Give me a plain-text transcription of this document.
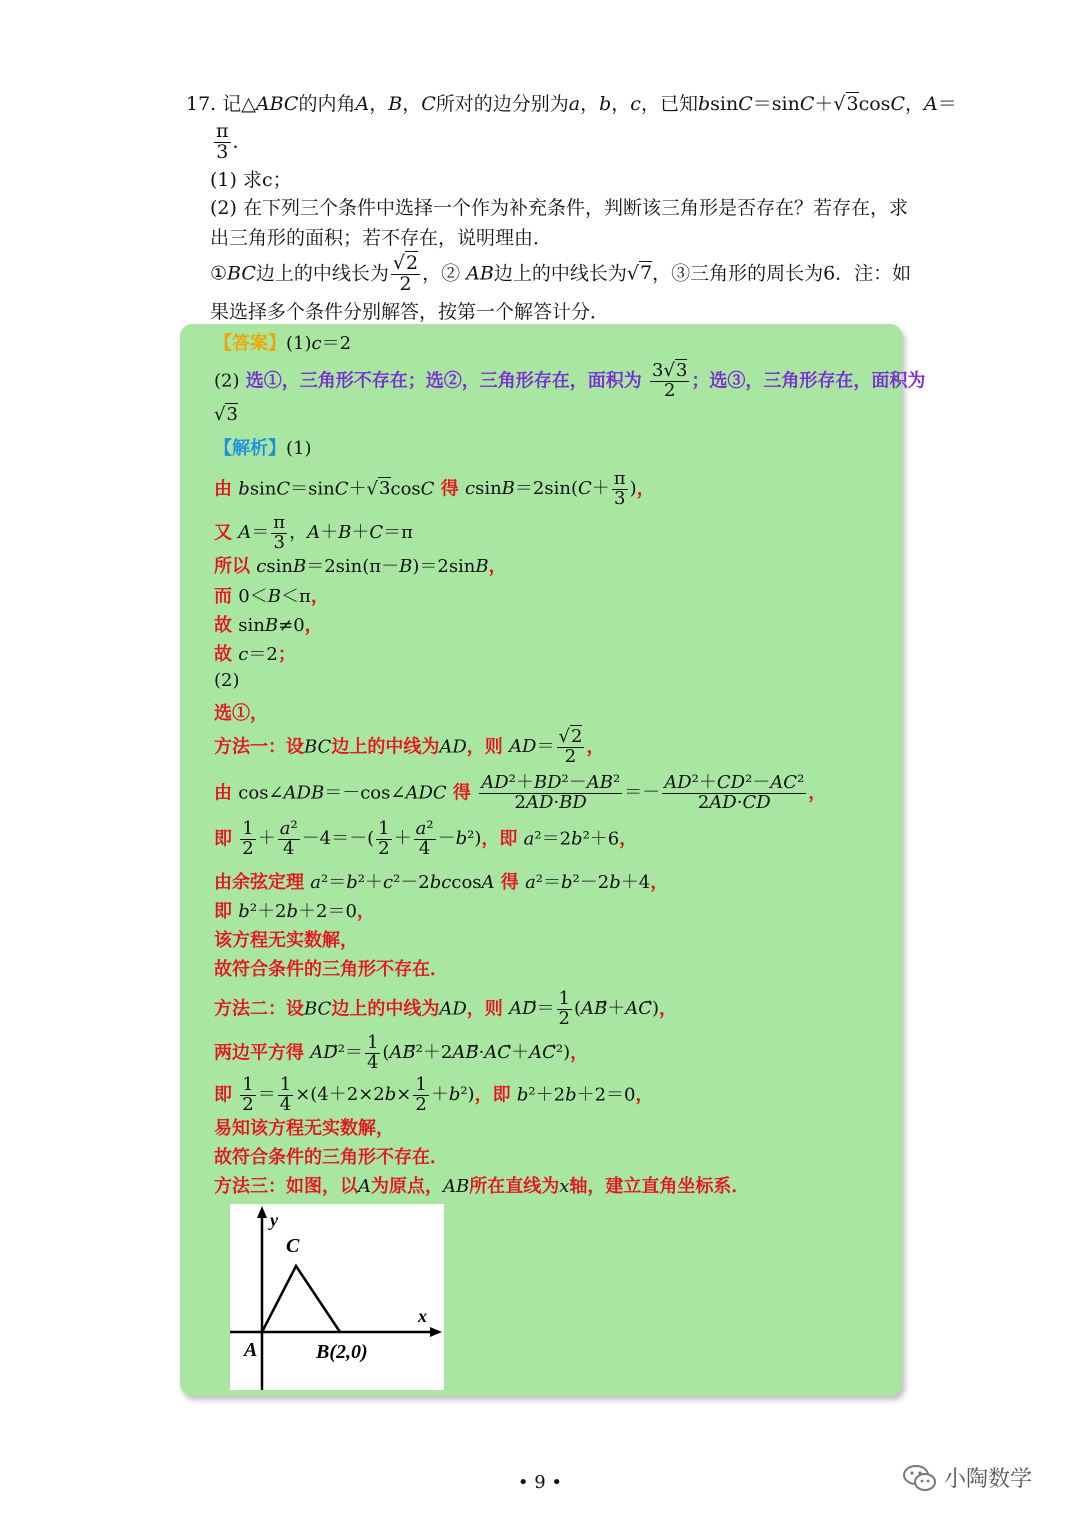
17. 记△ABC的内角A，B，C所对的边分别为a，b，c，已知bsinC＝sinC＋√3cosC，A＝
$\frac{\pi}{3}$ ．
(1) 求c；
(2) 在下列三个条件中选择一个作为补充条件，判断该三角形是否存在？若存在，求
出三角形的面积；若不存在，说明理由．
①BC边上的中线长为 $\frac{√2}{2}$ ，② AB边上的中线长为√7，③三角形的周长为6．注：如
果选择多个条件分别解答，按第一个解答计分．
【答案】(1)c＝2
(2) 选①，三角形不存在；选②，三角形存在，面积为 $\frac{3√3}{2}$ ；选③，三角形存在，面积为
√3
【解析】(1)
由 bsinC＝sinC＋√3cosC 得 $csinB=2\sin(C+ \frac{\pi}{3}$ )，
又 $A= \frac{\pi}{3}$ ，A＋B＋C＝π
所以 csinB＝2sin(π－B)＝2sinB，
而 0＜B＜π，
故 sinB≠0，
故 c＝2；
(2)
选①，
方法一：设BC边上的中线为AD，则 $AD= \frac{√2}{2}$ ，
由 cos∠ADB＝－cos∠ADC 得 $\frac{\text{AD²＋BD²－AB²}}{2AD\cdot BD} =- \frac{\text{AD²＋CD²－AC²}}{2AD\cdot CD}$ ，
即 $\frac{1}{2} + \frac{\text{a²}}{4} -4=-( \frac{1}{2} + \frac{\text{a²}}{4} -b^2)$，即 a²＝2b²＋6，
由余弦定理 a²＝b²＋c²－2bccosA 得 a²＝b²－2b＋4，
即 b²＋2b＋2＝0，
该方程无实数解，
故符合条件的三角形不存在．
方法二：设BC边上的中线为AD，则 AD⃗＝ $\frac{1}{2}$ (AB⃗＋AC⃗)，
两边平方得 AD⃗²＝ $\frac{1}{4}$ (AB⃗²＋2AB⃗·AC⃗＋AC⃗²)，
即 $\frac{1}{2} = \frac{1}{4} \times(4+2\times 2b\times \frac{1}{2} +b^2)$，即 b²＋2b＋2＝0，
易知该方程无实数解，
故符合条件的三角形不存在．
方法三：如图，以A为原点，AB所在直线为x轴，建立直角坐标系．
y
x
C
A	B(2,0)
• 9 •	小陶数学
